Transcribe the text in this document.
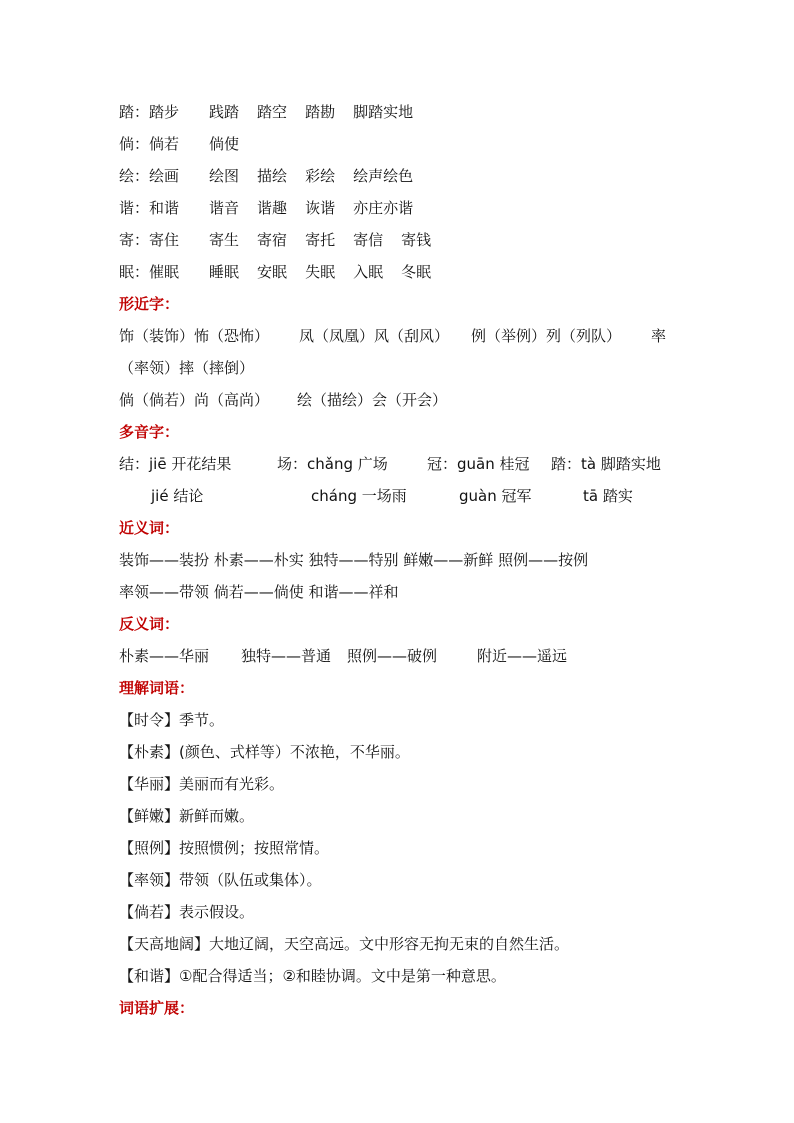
踏：踏步 践踏 踏空 踏勘 脚踏实地
倘：倘若 倘使
绘：绘画 绘图 描绘 彩绘 绘声绘色
谐：和谐 谐音 谐趣 诙谐 亦庄亦谐
寄：寄住 寄生 寄宿 寄托 寄信 寄钱
眠：催眠 睡眠 安眠 失眠 入眠 冬眠
形近字：
饰（装饰）怖（恐怖） 凤（凤凰）风（刮风） 例（举例）列（列队） 率
（率领）摔（摔倒）
倘（倘若）尚（高尚） 绘（描绘）会（开会）
多音字：
结：jiē 开花结果	场：chǎng 广场	冠：guān 桂冠 踏：tà 脚踏实地
jié 结论	cháng 一场雨	guàn 冠军	tā 踏实
近义词：
装饰——装扮 朴素——朴实 独特——特别 鲜嫩——新鲜 照例——按例
率领——带领 倘若——倘使 和谐——祥和
反义词：
朴素——华丽 独特——普通 照例——破例	附近——遥远
理解词语：
【时令】季节。
【朴素】(颜色、式样等）不浓艳，不华丽。
【华丽】美丽而有光彩。
【鲜嫩】新鲜而嫩。
【照例】按照惯例；按照常情。
【率领】带领（队伍或集体）。
【倘若】表示假设。
【天高地阔】大地辽阔，天空高远。文中形容无拘无束的自然生活。
【和谐】①配合得适当；②和睦协调。文中是第一种意思。
词语扩展：
